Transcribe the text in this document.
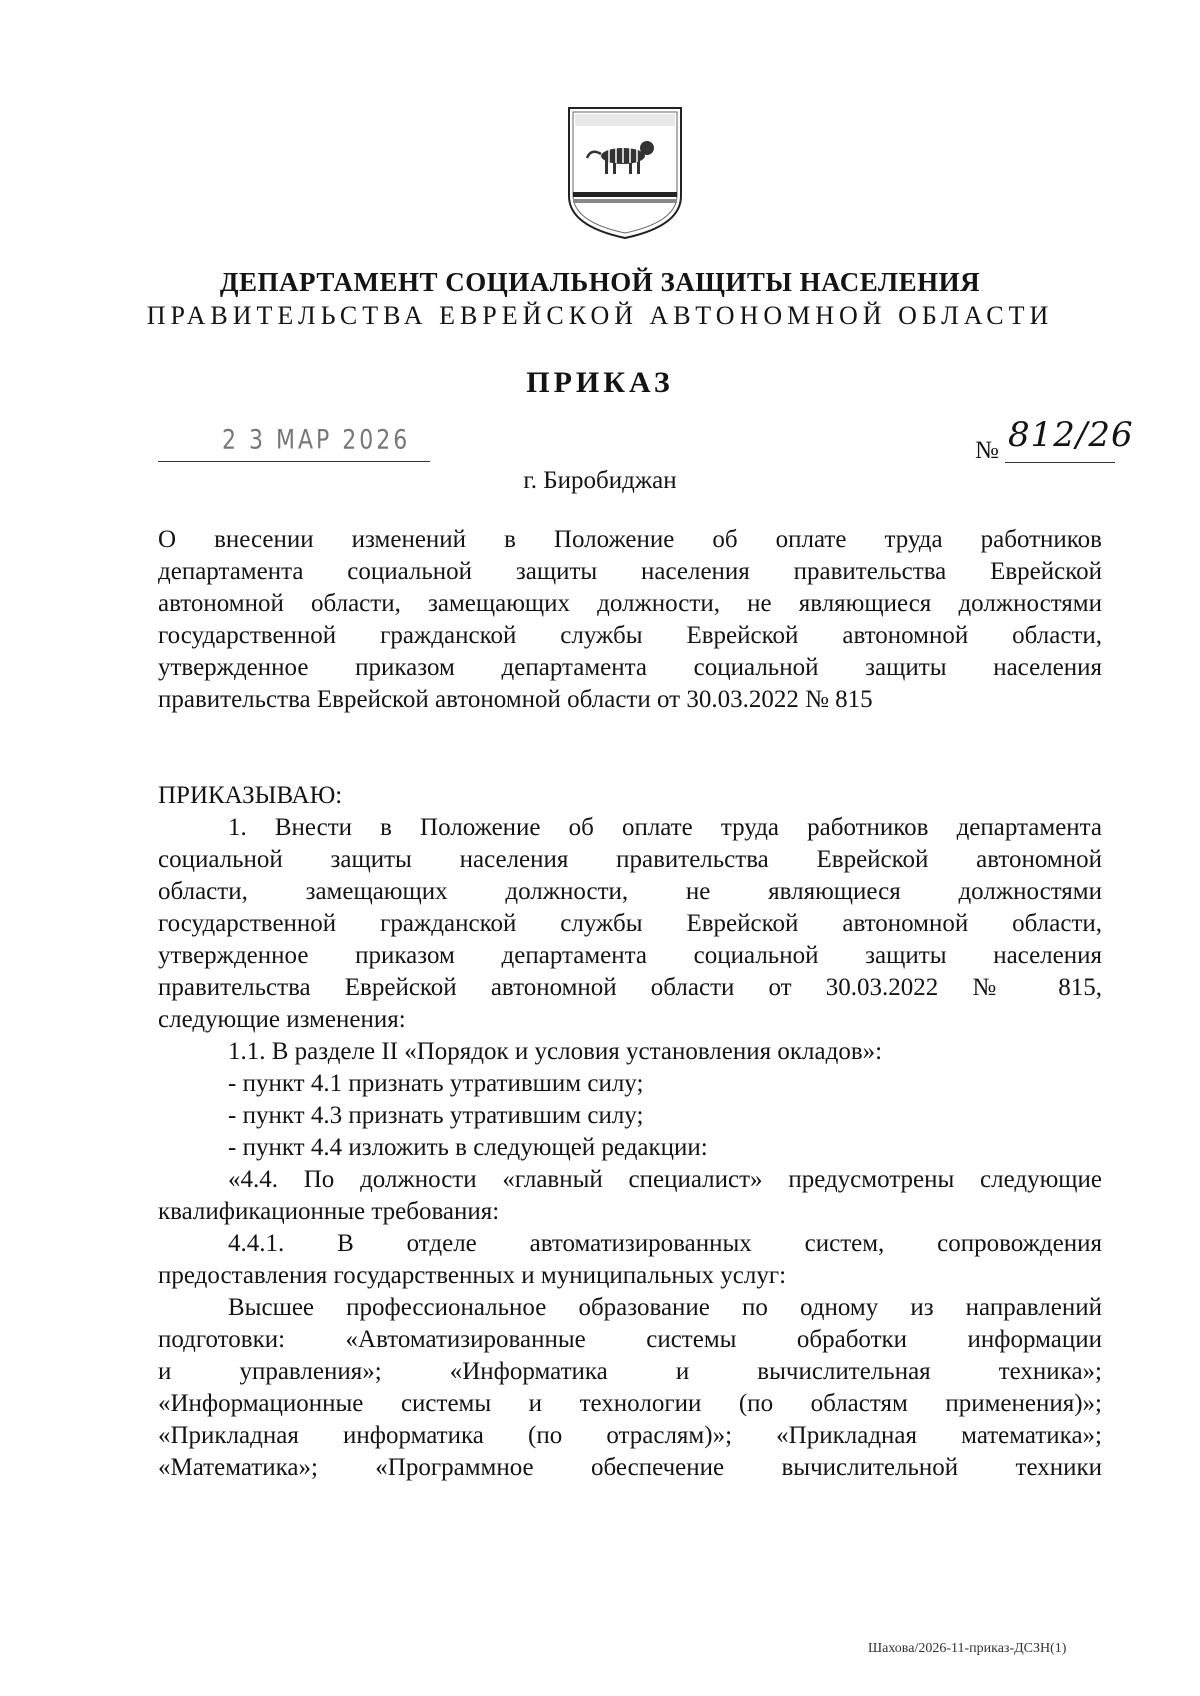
ДЕПАРТАМЕНТ СОЦИАЛЬНОЙ ЗАЩИТЫ НАСЕЛЕНИЯ
ПРАВИТЕЛЬСТВА ЕВРЕЙСКОЙ АВТОНОМНОЙ ОБЛАСТИ
ПРИКАЗ
2 3 МАР 2026	№ 812/26
г. Биробиджан
О внесении изменений в Положение об оплате труда работников
департамента социальной защиты населения правительства Еврейской
автономной области, замещающих должности, не являющиеся должностями
государственной гражданской службы Еврейской автономной области,
утвержденное приказом департамента социальной защиты населения
правительства Еврейской автономной области от 30.03.2022 № 815
ПРИКАЗЫВАЮ:
1. Внести в Положение об оплате труда работников департамента
социальной защиты населения правительства Еврейской автономной
области, замещающих должности, не являющиеся должностями
государственной гражданской службы Еврейской автономной области,
утвержденное приказом департамента социальной защиты населения
правительства Еврейской автономной области от 30.03.2022 № 815,
следующие изменения:
1.1. В разделе II «Порядок и условия установления окладов»:
- пункт 4.1 признать утратившим силу;
- пункт 4.3 признать утратившим силу;
- пункт 4.4 изложить в следующей редакции:
«4.4. По должности «главный специалист» предусмотрены следующие
квалификационные требования:
4.4.1. В отделе автоматизированных систем, сопровождения
предоставления государственных и муниципальных услуг:
Высшее профессиональное образование по одному из направлений
подготовки: «Автоматизированные системы обработки информации
и управления»; «Информатика и вычислительная техника»;
«Информационные системы и технологии (по областям применения)»;
«Прикладная информатика (по отраслям)»; «Прикладная математика»;
«Математика»; «Программное обеспечение вычислительной техники
Шахова/2026-11-приказ-ДСЗН(1)
